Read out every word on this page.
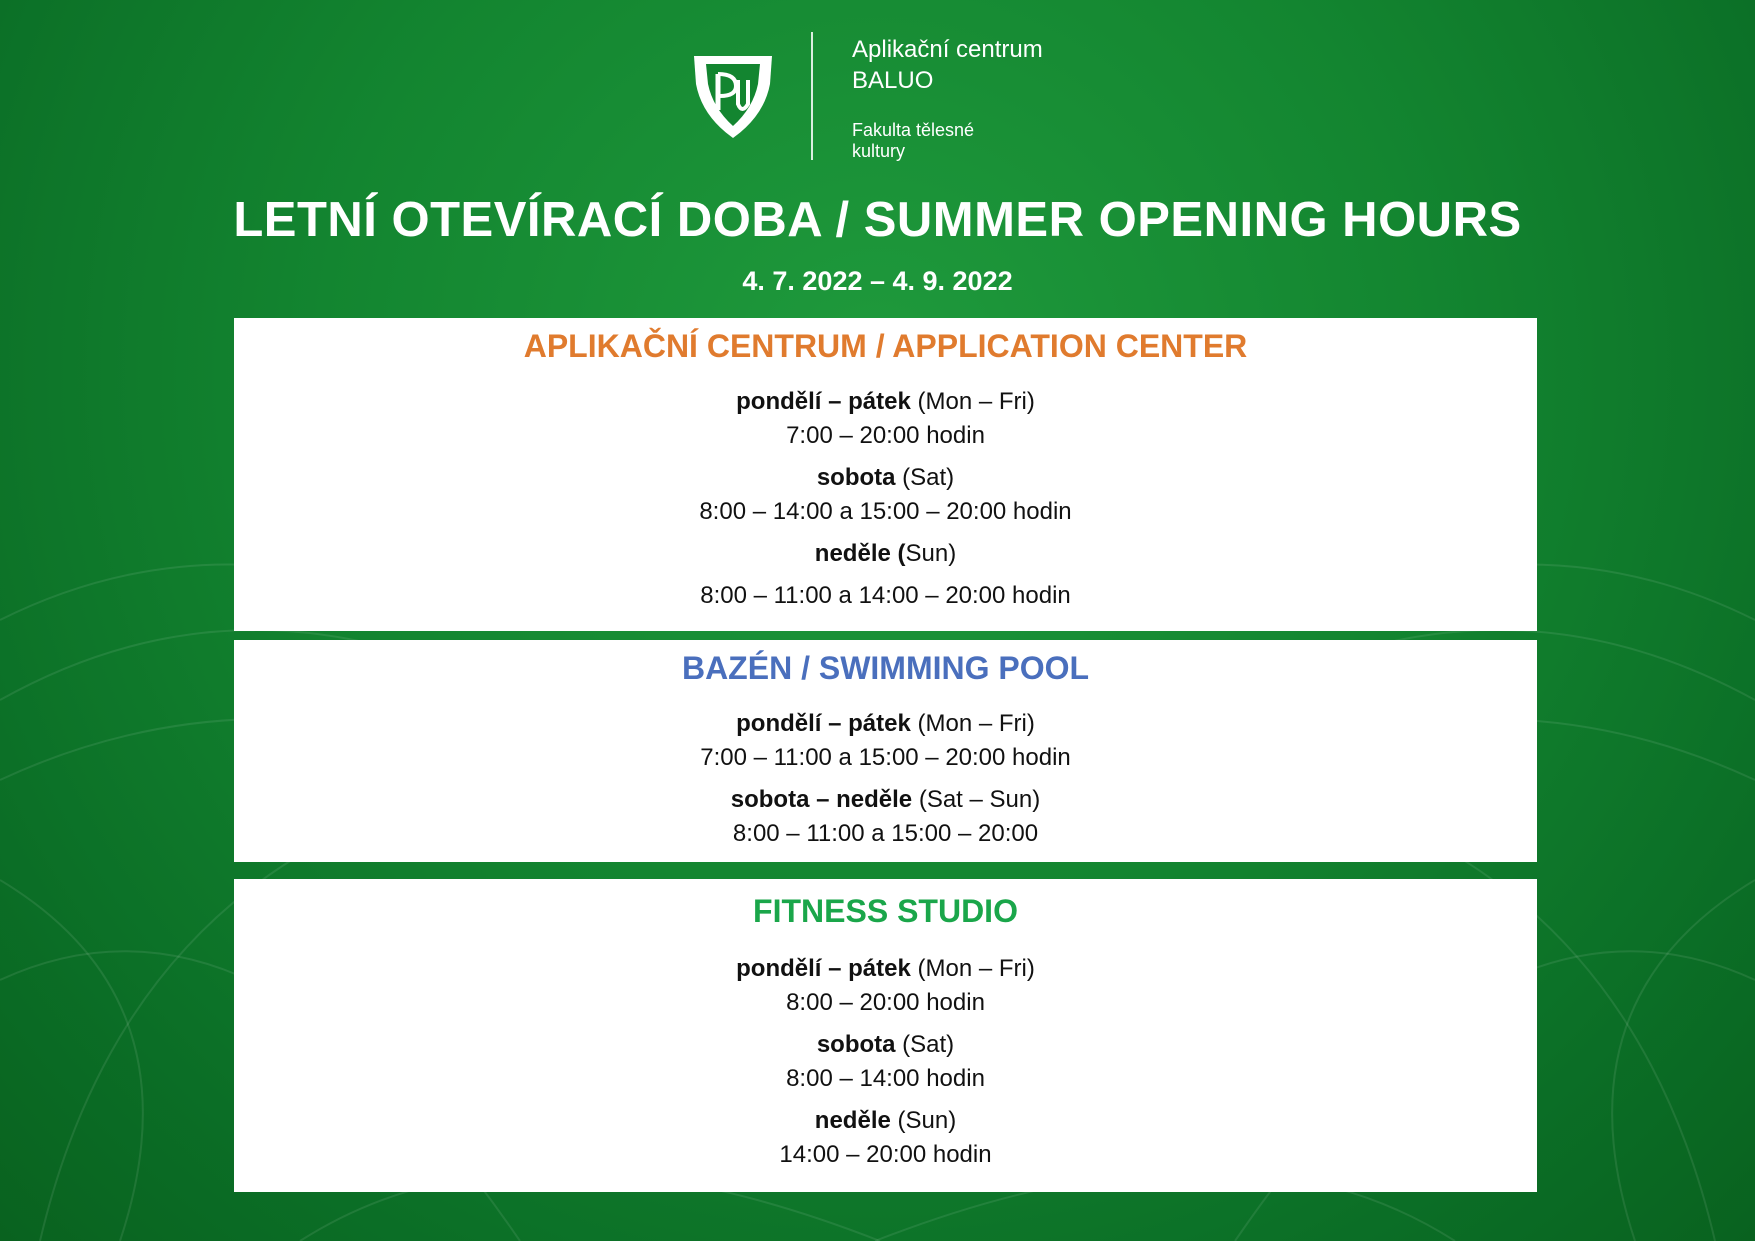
Aplikační centrum
BALUO
Fakulta tělesné
kultury
LETNÍ OTEVÍRACÍ DOBA / SUMMER OPENING HOURS
4. 7. 2022 – 4. 9. 2022
APLIKAČNÍ CENTRUM / APPLICATION CENTER
pondělí – pátek (Mon – Fri)
7:00 – 20:00 hodin
sobota (Sat)
8:00 – 14:00 a 15:00 – 20:00 hodin
neděle (Sun)
8:00 – 11:00 a 14:00 – 20:00 hodin
BAZÉN / SWIMMING POOL
pondělí – pátek (Mon – Fri)
7:00 – 11:00 a 15:00 – 20:00 hodin
sobota – neděle (Sat – Sun)
8:00 – 11:00 a 15:00 – 20:00
FITNESS STUDIO
pondělí – pátek (Mon – Fri)
8:00 – 20:00 hodin
sobota (Sat)
8:00 – 14:00 hodin
neděle (Sun)
14:00 – 20:00 hodin
